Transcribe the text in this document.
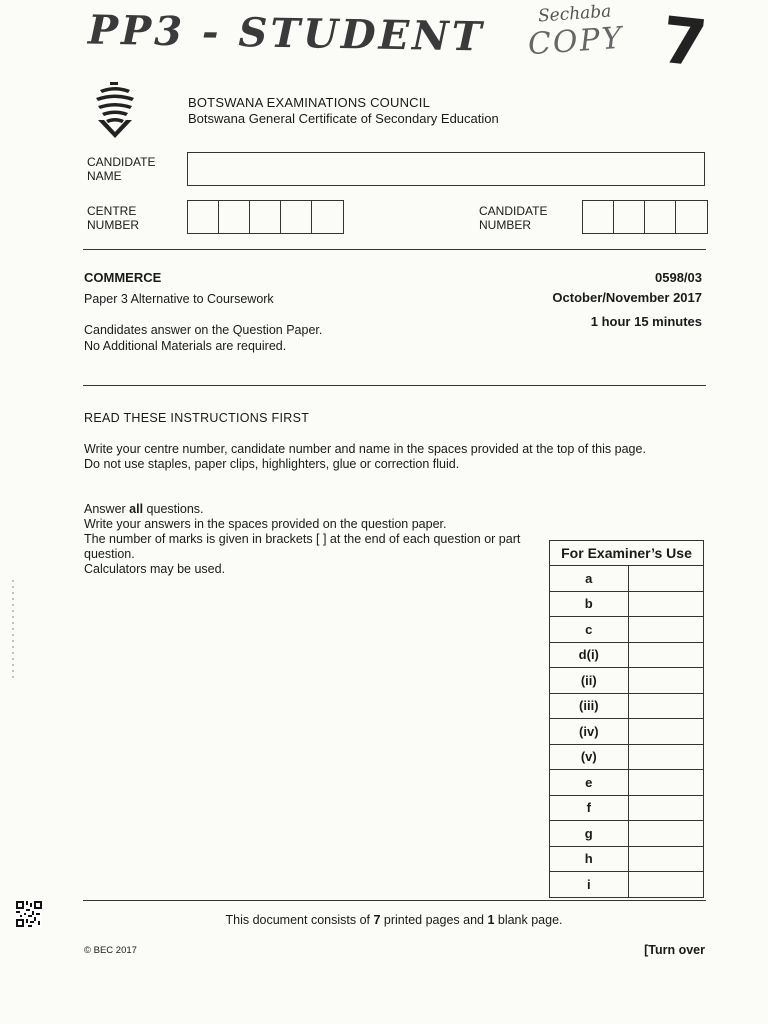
PP3 - STUDENT	Sechaba
COPY 7
BOTSWANA EXAMINATIONS COUNCIL
Botswana General Certificate of Secondary Education
CANDIDATE
NAME
CENTRE
NUMBER
CANDIDATE
NUMBER
COMMERCE	0598/03
Paper 3 Alternative to Coursework	October/November 2017
1 hour 15 minutes
Candidates answer on the Question Paper.
No Additional Materials are required.
READ THESE INSTRUCTIONS FIRST

Write your centre number, candidate number and name in the spaces provided at the top of this page.

Do not use staples, paper clips, highlighters, glue or correction fluid.

Answer all questions.

Write your answers in the spaces provided on the question paper.

The number of marks is given in brackets [ ] at the end of each question or part question.

Calculators may be used.

For Examiner’s Use	
a	
b	
c	
d(i)	
(ii)	
(iii)	
(iv)	
(v)	
e	
f	
g	
h	
i	
This document consists of 7 printed pages and 1 blank page.
© BEC 2017	[Turn over
